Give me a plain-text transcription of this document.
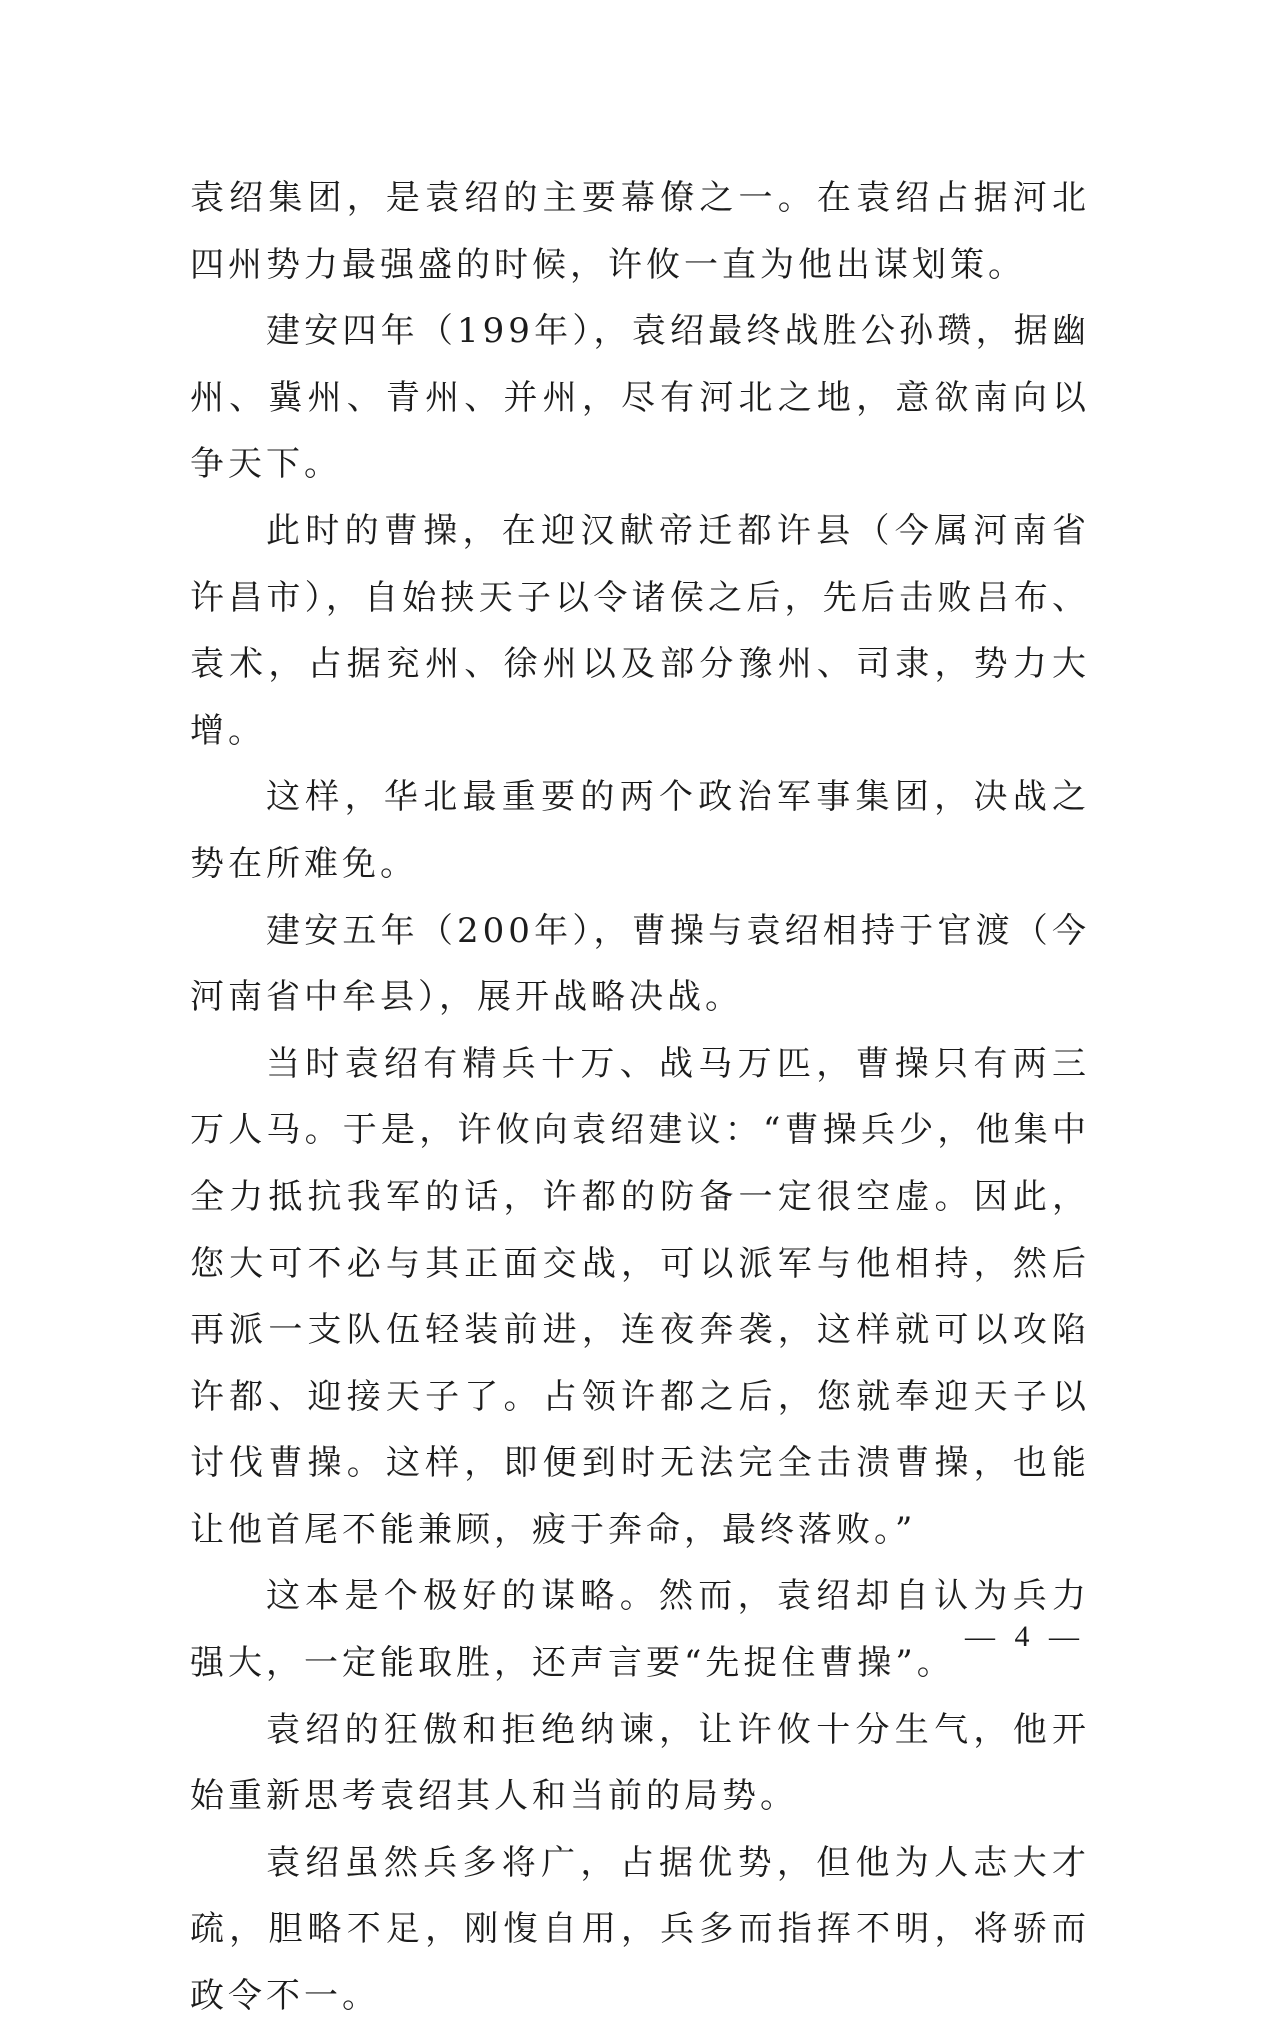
袁绍集团，是袁绍的主要幕僚之一。在袁绍占据河北四州势力最强盛的时候，许攸一直为他出谋划策。

建安四年（199年），袁绍最终战胜公孙瓒，据幽州、冀州、青州、并州，尽有河北之地，意欲南向以争天下。

此时的曹操，在迎汉献帝迁都许县（今属河南省许昌市），自始挟天子以令诸侯之后，先后击败吕布、袁术，占据兖州、徐州以及部分豫州、司隶，势力大增。

这样，华北最重要的两个政治军事集团，决战之势在所难免。

建安五年（200年），曹操与袁绍相持于官渡（今河南省中牟县），展开战略决战。

当时袁绍有精兵十万、战马万匹，曹操只有两三万人马。于是，许攸向袁绍建议：“曹操兵少，他集中全力抵抗我军的话，许都的防备一定很空虚。因此，您大可不必与其正面交战，可以派军与他相持，然后再派一支队伍轻装前进，连夜奔袭，这样就可以攻陷许都、迎接天子了。占领许都之后，您就奉迎天子以讨伐曹操。这样，即便到时无法完全击溃曹操，也能让他首尾不能兼顾，疲于奔命，最终落败。”

这本是个极好的谋略。然而，袁绍却自认为兵力强大，一定能取胜，还声言要“先捉住曹操”。

袁绍的狂傲和拒绝纳谏，让许攸十分生气，他开始重新思考袁绍其人和当前的局势。

袁绍虽然兵多将广，占据优势，但他为人志大才疏，胆略不足，刚愎自用，兵多而指挥不明，将骄而政令不一。

— 4 —
